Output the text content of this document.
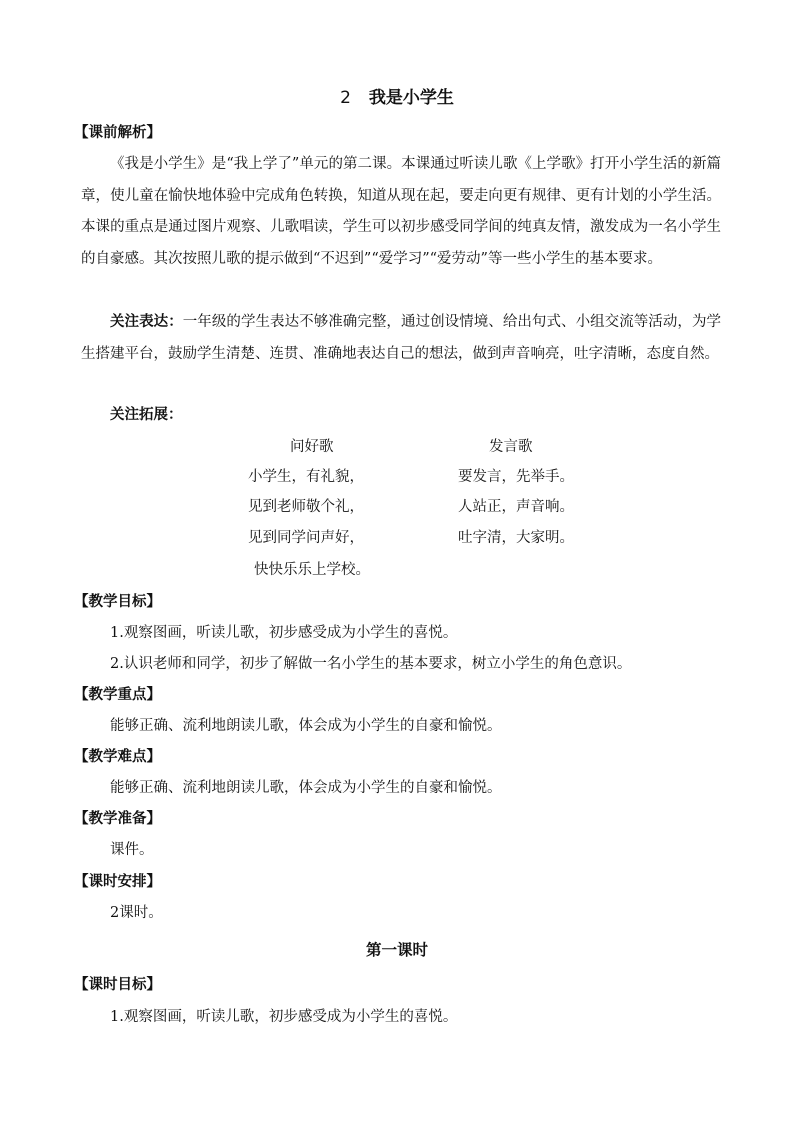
2 我是小学生
【课前解析】
《我是小学生》是“我上学了”单元的第二课。本课通过听读儿歌《上学歌》打开小学生活的新篇章，使儿童在愉快地体验中完成角色转换，知道从现在起，要走向更有规律、更有计划的小学生活。本课的重点是通过图片观察、儿歌唱读，学生可以初步感受同学间的纯真友情，激发成为一名小学生的自豪感。其次按照儿歌的提示做到“不迟到”“爱学习”“爱劳动”等一些小学生的基本要求。
关注表达：一年级的学生表达不够准确完整，通过创设情境、给出句式、小组交流等活动，为学生搭建平台，鼓励学生清楚、连贯、准确地表达自己的想法，做到声音响亮，吐字清晰，态度自然。
关注拓展：
问好歌
小学生，有礼貌，
见到老师敬个礼，
见到同学问声好，
快快乐乐上学校。
发言歌
要发言，先举手。
人站正，声音响。
吐字清，大家明。
【教学目标】
1.观察图画，听读儿歌，初步感受成为小学生的喜悦。
2.认识老师和同学，初步了解做一名小学生的基本要求，树立小学生的角色意识。
【教学重点】
能够正确、流利地朗读儿歌，体会成为小学生的自豪和愉悦。
【教学难点】
能够正确、流利地朗读儿歌，体会成为小学生的自豪和愉悦。
【教学准备】
课件。
【课时安排】
2课时。
第一课时
【课时目标】
1.观察图画，听读儿歌，初步感受成为小学生的喜悦。
